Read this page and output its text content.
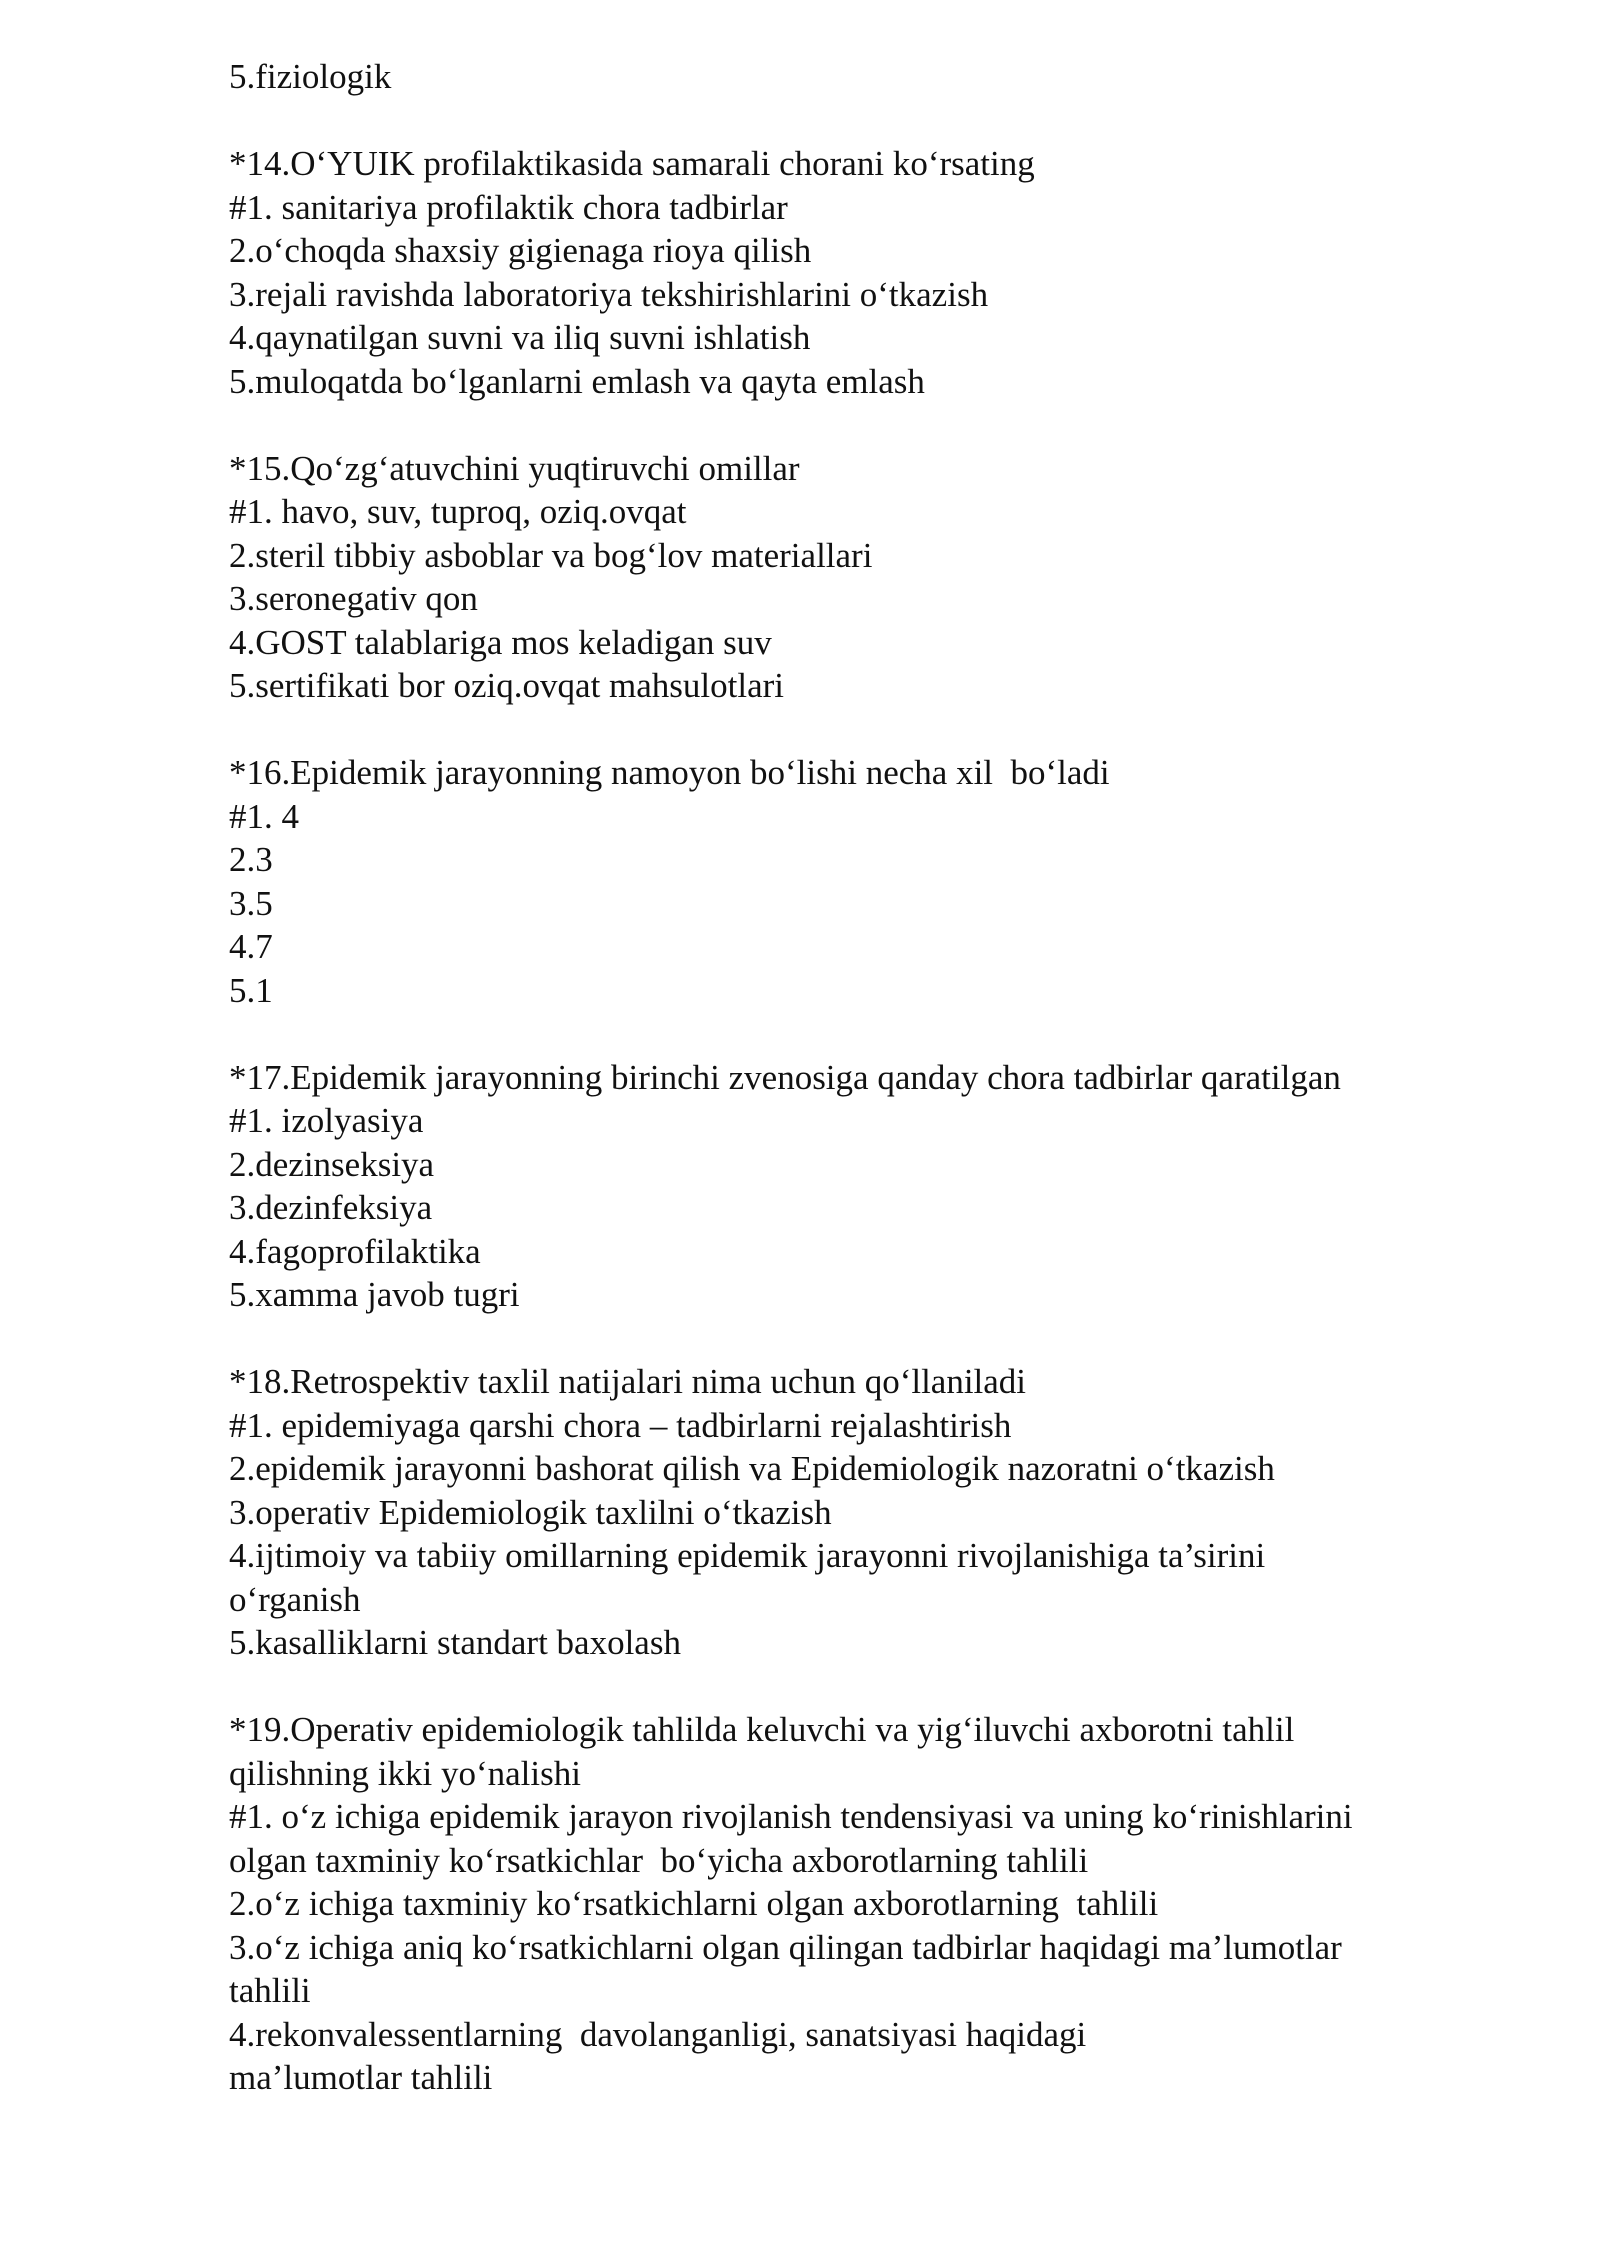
5.fiziologik

*14.O‘YUIK profilaktikasida samarali chorani ko‘rsating

#1. sanitariya profilaktik chora tadbirlar

2.o‘choqda shaxsiy gigienaga rioya qilish

3.rejali ravishda laboratoriya tekshirishlarini o‘tkazish

4.qaynatilgan suvni va iliq suvni ishlatish

5.muloqatda bo‘lganlarni emlash va qayta emlash

*15.Qo‘zg‘atuvchini yuqtiruvchi omillar

#1. havo, suv, tuproq, oziq.ovqat

2.steril tibbiy asboblar va bog‘lov materiallari

3.seronegativ qon

4.GOST talablariga mos keladigan suv

5.sertifikati bor oziq.ovqat mahsulotlari

*16.Epidemik jarayonning namoyon bo‘lishi necha xil  bo‘ladi

#1. 4

2.3

3.5

4.7

5.1

*17.Epidemik jarayonning birinchi zvenosiga qanday chora tadbirlar qaratilgan

#1. izolyasiya

2.dezinseksiya

3.dezinfeksiya

4.fagoprofilaktika

5.xamma javob tugri

*18.Retrospektiv taxlil natijalari nima uchun qo‘llaniladi

#1. epidemiyaga qarshi chora – tadbirlarni rejalashtirish

2.epidemik jarayonni bashorat qilish va Epidemiologik nazoratni o‘tkazish

3.operativ Epidemiologik taxlilni o‘tkazish

4.ijtimoiy va tabiiy omillarning epidemik jarayonni rivojlanishiga ta’sirini

o‘rganish

5.kasalliklarni standart baxolash

*19.Operativ epidemiologik tahlilda keluvchi va yig‘iluvchi axborotni tahlil

qilishning ikki yo‘nalishi

#1. o‘z ichiga epidemik jarayon rivojlanish tendensiyasi va uning ko‘rinishlarini

olgan taxminiy ko‘rsatkichlar  bo‘yicha axborotlarning tahlili

2.o‘z ichiga taxminiy ko‘rsatkichlarni olgan axborotlarning  tahlili

3.o‘z ichiga aniq ko‘rsatkichlarni olgan qilingan tadbirlar haqidagi ma’lumotlar

tahlili

4.rekonvalessentlarning  davolanganligi, sanatsiyasi haqidagi

ma’lumotlar tahlili
